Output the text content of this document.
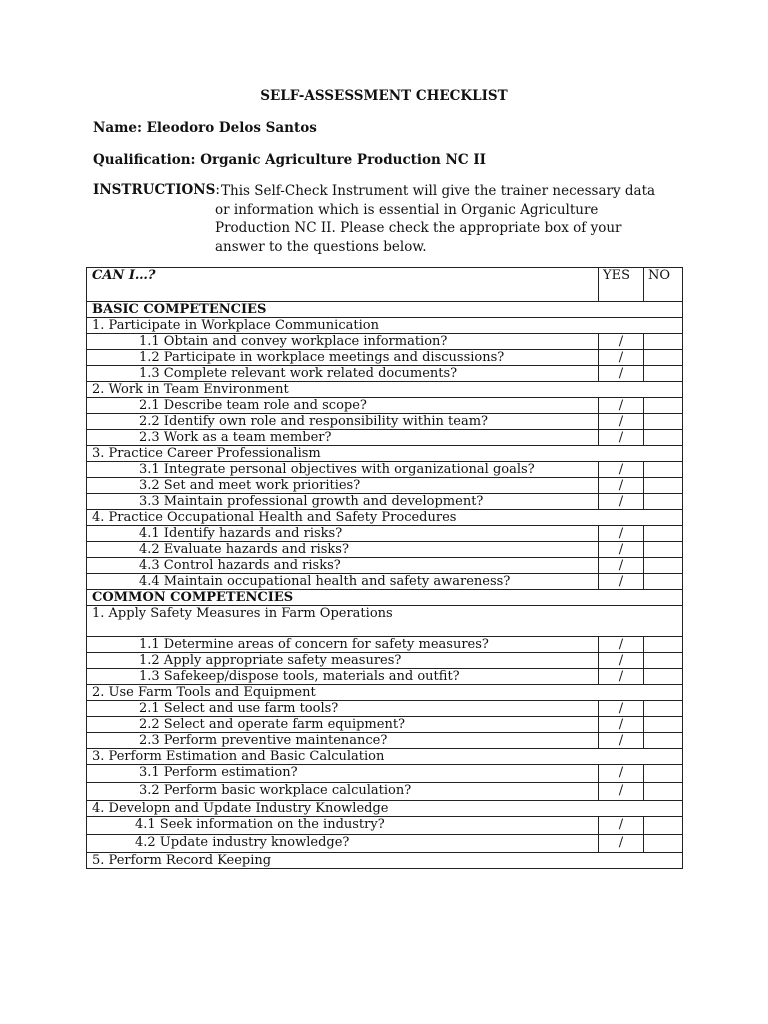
SELF-ASSESSMENT CHECKLIST
Name: Eleodoro Delos Santos
Qualification: Organic Agriculture Production NC II
INSTRUCTIONS: This Self-Check Instrument will give the trainer necessary data
or information which is essential in Organic Agriculture Production NC II. Please check the appropriate box of your answer to the questions below.
CAN I…?	YES	NO
BASIC COMPETENCIES		
1. Participate in Workplace Communication		
1.1 Obtain and convey workplace information?	/	
1.2 Participate in workplace meetings and discussions?	/	
1.3 Complete relevant work related documents?	/	
2. Work in Team Environment		
2.1 Describe team role and scope?	/	
2.2 Identify own role and responsibility within team?	/	
2.3 Work as a team member?	/	
3. Practice Career Professionalism		
3.1 Integrate personal objectives with organizational goals?	/	
3.2 Set and meet work priorities?	/	
3.3 Maintain professional growth and development?	/	
4. Practice Occupational Health and Safety Procedures		
4.1 Identify hazards and risks?	/	
4.2 Evaluate hazards and risks?	/	
4.3 Control hazards and risks?	/	
4.4 Maintain occupational health and safety awareness?	/	
COMMON COMPETENCIES		
1. Apply Safety Measures in Farm Operations		
1.1 Determine areas of concern for safety measures?	/	
1.2 Apply appropriate safety measures?	/	
1.3 Safekeep/dispose tools, materials and outfit?	/	
2. Use Farm Tools and Equipment		
2.1 Select and use farm tools?	/	
2.2 Select and operate farm equipment?	/	
2.3 Perform preventive maintenance?	/	
3. Perform Estimation and Basic Calculation		
3.1 Perform estimation?	/	
3.2 Perform basic workplace calculation?	/	
4. Developn and Update Industry Knowledge		
4.1 Seek information on the industry?	/	
4.2 Update industry knowledge?	/	
5. Perform Record Keeping		
